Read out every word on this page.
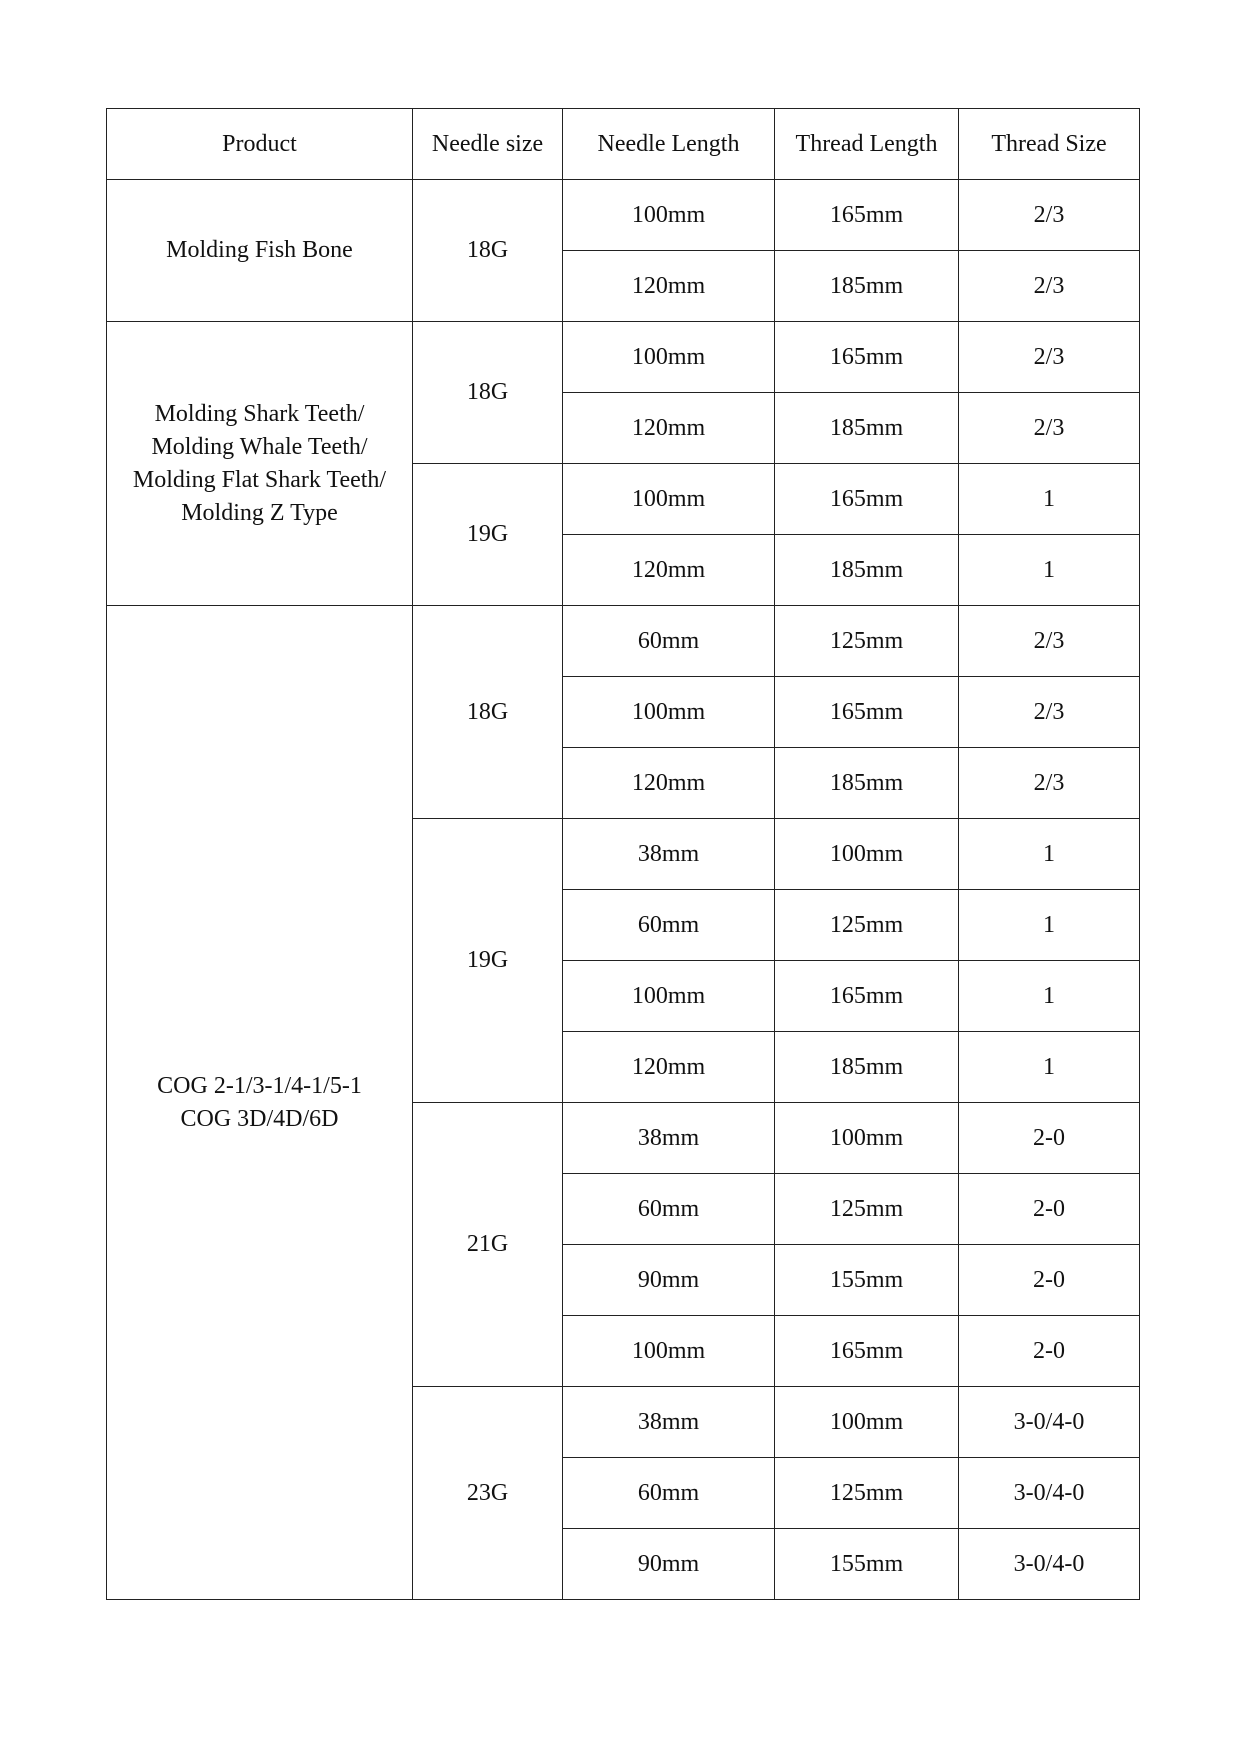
Product	Needle size	Needle Length	Thread Length	Thread Size

Molding Fish Bone	18G	100mm	165mm	2/3
		120mm	185mm	2/3

Molding Shark Teeth/
Molding Whale Teeth/
Molding Flat Shark Teeth/
Molding Z Type	18G	100mm	165mm	2/3
		120mm	185mm	2/3
	19G	100mm	165mm	1
		120mm	185mm	1

COG 2-1/3-1/4-1/5-1
COG 3D/4D/6D	18G	60mm	125mm	2/3
		100mm	165mm	2/3
		120mm	185mm	2/3
	19G	38mm	100mm	1
		60mm	125mm	1
		100mm	165mm	1
		120mm	185mm	1
	21G	38mm	100mm	2-0
		60mm	125mm	2-0
		90mm	155mm	2-0
		100mm	165mm	2-0
	23G	38mm	100mm	3-0/4-0
		60mm	125mm	3-0/4-0
		90mm	155mm	3-0/4-0
